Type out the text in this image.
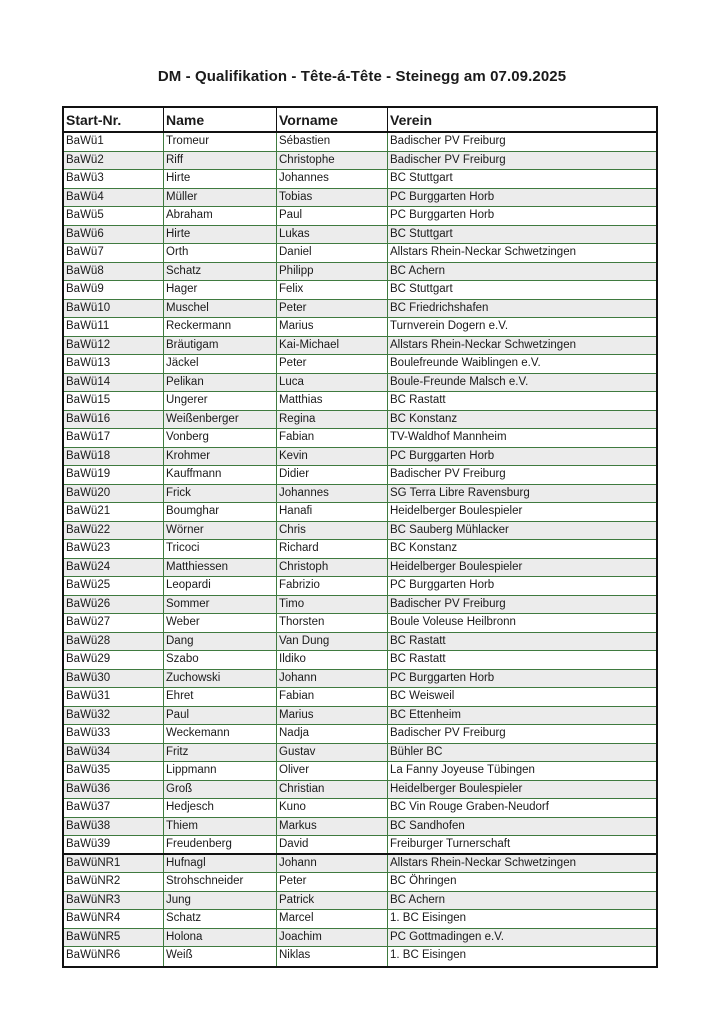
DM - Qualifikation - Tête-á-Tête - Steinegg am 07.09.2025
Start-Nr.	Name	Vorname	Verein
BaWü1	Tromeur	Sébastien	Badischer PV Freiburg
BaWü2	Riff	Christophe	Badischer PV Freiburg
BaWü3	Hirte	Johannes	BC Stuttgart
BaWü4	Müller	Tobias	PC Burggarten Horb
BaWü5	Abraham	Paul	PC Burggarten Horb
BaWü6	Hirte	Lukas	BC Stuttgart
BaWü7	Orth	Daniel	Allstars Rhein-Neckar Schwetzingen
BaWü8	Schatz	Philipp	BC Achern
BaWü9	Hager	Felix	BC Stuttgart
BaWü10	Muschel	Peter	BC Friedrichshafen
BaWü11	Reckermann	Marius	Turnverein Dogern e.V.
BaWü12	Bräutigam	Kai-Michael	Allstars Rhein-Neckar Schwetzingen
BaWü13	Jäckel	Peter	Boulefreunde Waiblingen e.V.
BaWü14	Pelikan	Luca	Boule-Freunde Malsch e.V.
BaWü15	Ungerer	Matthias	BC Rastatt
BaWü16	Weißenberger	Regina	BC Konstanz
BaWü17	Vonberg	Fabian	TV-Waldhof Mannheim
BaWü18	Krohmer	Kevin	PC Burggarten Horb
BaWü19	Kauffmann	Didier	Badischer PV Freiburg
BaWü20	Frick	Johannes	SG Terra Libre Ravensburg
BaWü21	Boumghar	Hanafi	Heidelberger Boulespieler
BaWü22	Wörner	Chris	BC Sauberg Mühlacker
BaWü23	Tricoci	Richard	BC Konstanz
BaWü24	Matthiessen	Christoph	Heidelberger Boulespieler
BaWü25	Leopardi	Fabrizio	PC Burggarten Horb
BaWü26	Sommer	Timo	Badischer PV Freiburg
BaWü27	Weber	Thorsten	Boule Voleuse Heilbronn
BaWü28	Dang	Van Dung	BC Rastatt
BaWü29	Szabo	Ildiko	BC Rastatt
BaWü30	Zuchowski	Johann	PC Burggarten Horb
BaWü31	Ehret	Fabian	BC Weisweil
BaWü32	Paul	Marius	BC Ettenheim
BaWü33	Weckemann	Nadja	Badischer PV Freiburg
BaWü34	Fritz	Gustav	Bühler BC
BaWü35	Lippmann	Oliver	La Fanny Joyeuse Tübingen
BaWü36	Groß	Christian	Heidelberger Boulespieler
BaWü37	Hedjesch	Kuno	BC Vin Rouge Graben-Neudorf
BaWü38	Thiem	Markus	BC Sandhofen
BaWü39	Freudenberg	David	Freiburger Turnerschaft
BaWüNR1	Hufnagl	Johann	Allstars Rhein-Neckar Schwetzingen
BaWüNR2	Strohschneider	Peter	BC Öhringen
BaWüNR3	Jung	Patrick	BC Achern
BaWüNR4	Schatz	Marcel	1. BC Eisingen
BaWüNR5	Holona	Joachim	PC Gottmadingen e.V.
BaWüNR6	Weiß	Niklas	1. BC Eisingen
